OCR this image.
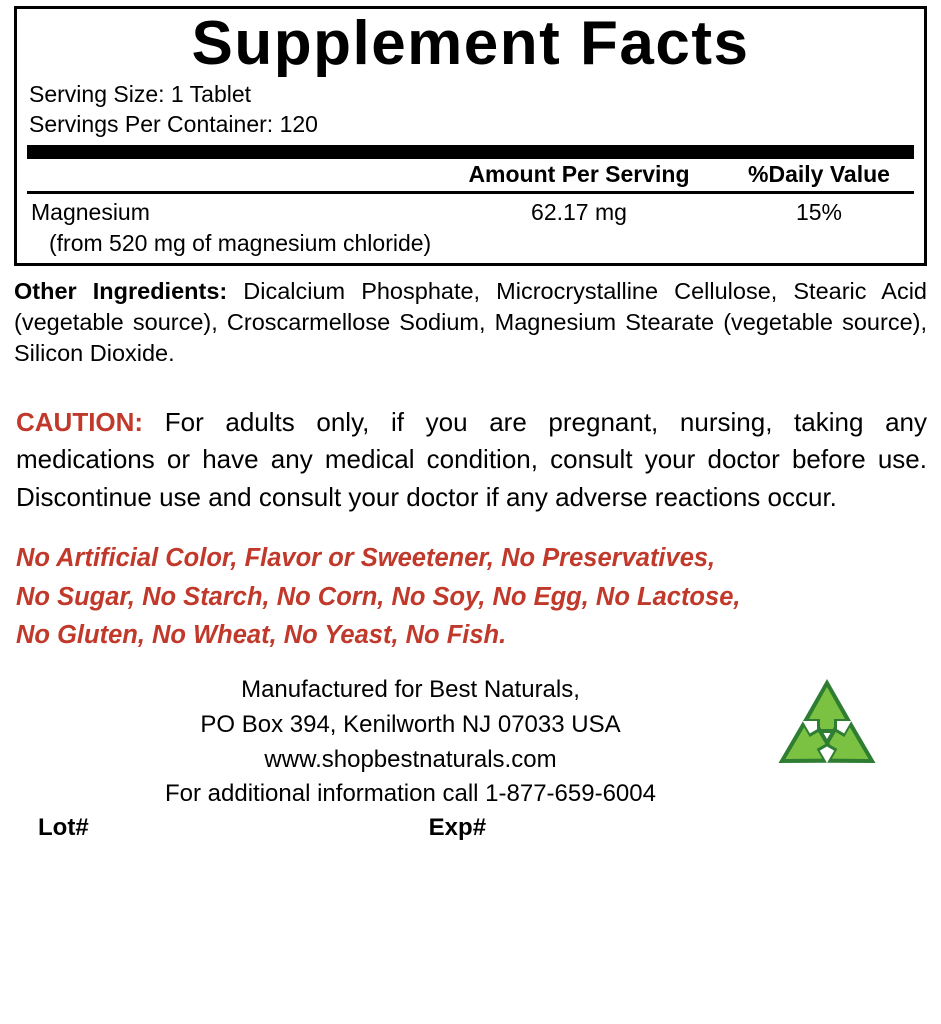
Supplement Facts
Serving Size: 1 Tablet
Servings Per Container: 120
Amount Per Serving	%Daily Value
Magnesium	62.17 mg	15%
(from 520 mg of magnesium chloride)
Other Ingredients: Dicalcium Phosphate, Microcrystalline Cellulose, Stearic Acid (vegetable source), Croscarmellose Sodium, Magnesium Stearate (vegetable source), Silicon Dioxide.
CAUTION: For adults only, if you are pregnant, nursing, taking any medications or have any medical condition, consult your doctor before use. Discontinue use and consult your doctor if any adverse reactions occur.
No Artificial Color, Flavor or Sweetener, No Preservatives,
No Sugar, No Starch, No Corn, No Soy, No Egg, No Lactose,
No Gluten, No Wheat, No Yeast, No Fish.
Manufactured for Best Naturals,
PO Box 394, Kenilworth NJ 07033 USA
www.shopbestnaturals.com
For additional information call 1-877-659-6004
Lot#	Exp#
